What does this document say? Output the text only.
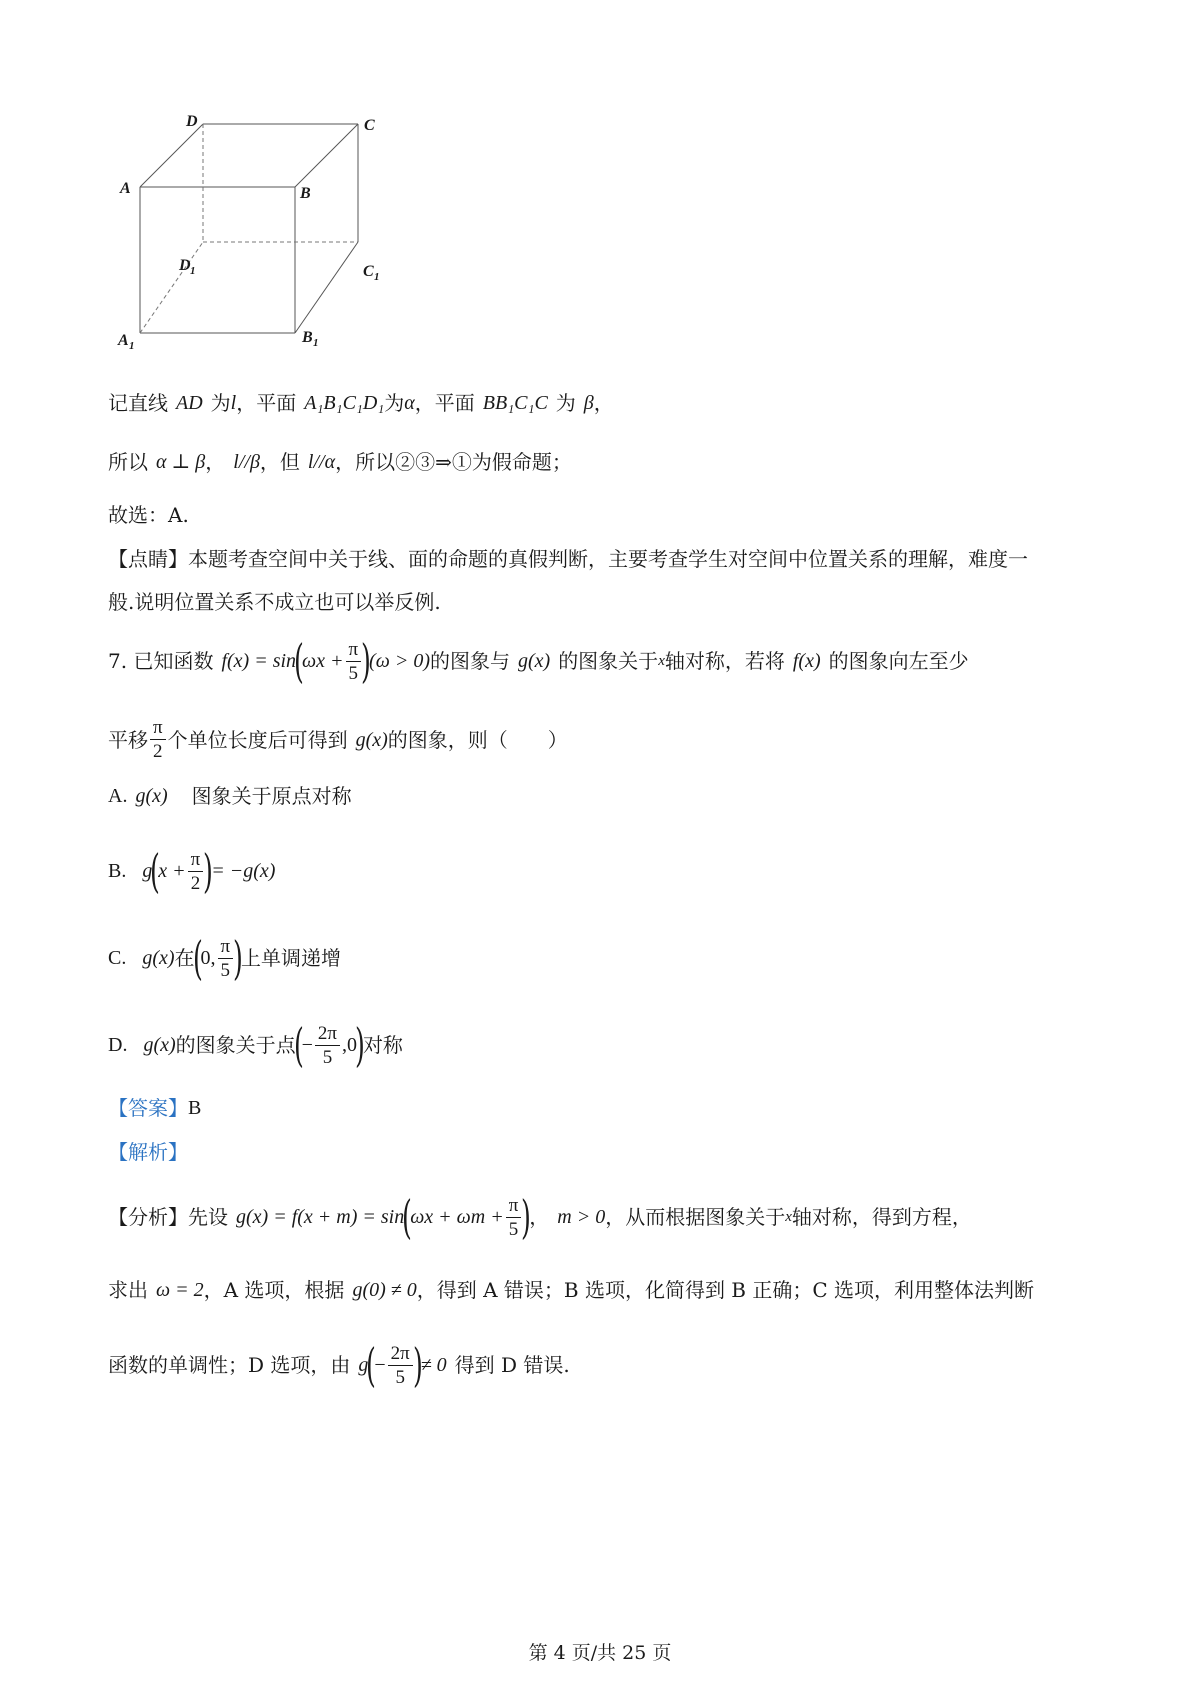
D	C
A	B
D 1	C 1
A 1	B 1
记直线 AD 为 l ，平面 A₁B₁C₁D₁ 为 α ，平面 BB₁C₁C 为 β ，
所以 α ⊥ β ， l//β ，但 l//α ，所以②③⇒①为假命题；
故选：A.
【点睛】本题考查空间中关于线、面的命题的真假判断，主要考查学生对空间中位置关系的理解，难度一
般.说明位置关系不成立也可以举反例.
7. 已知函数 f(x) = sin
(
$\omega x + \frac{\pi}{5}$ )
(ω > 0) 的图象与 g(x) 的图象关于 x 轴对称，若将 f(x) 的图象向左至少
平移 $\frac{\pi}{2}$ 个单位长度后可得到 g(x) 的图象，则（　　）
A. g(x) 图象关于原点对称
B. g
(
$x + \frac{\pi}{2}$ )
= −g(x)
C. g(x) 在
(
0, $\frac{\pi}{5}$ )
上单调递增
D. g(x) 的图象关于点
(
− $\frac{2\pi}{5} ,0$
)
对称
【答案】 B
【解析】
【分析】先设 g(x) = f(x + m) = sin
(
$\omega x + \omega m + \frac{\pi}{5}$ )
， m > 0 ，从而根据图象关于 x 轴对称，得到方程，
求出 ω = 2 ，A 选项，根据 g(0) ≠ 0 ，得到 A 错误；B 选项，化简得到 B 正确；C 选项，利用整体法判断
函数的单调性；D 选项，由 g
(
− $\frac{2\pi}{5}$ )
≠ 0 得到 D 错误.
第 4 页/共 25 页
